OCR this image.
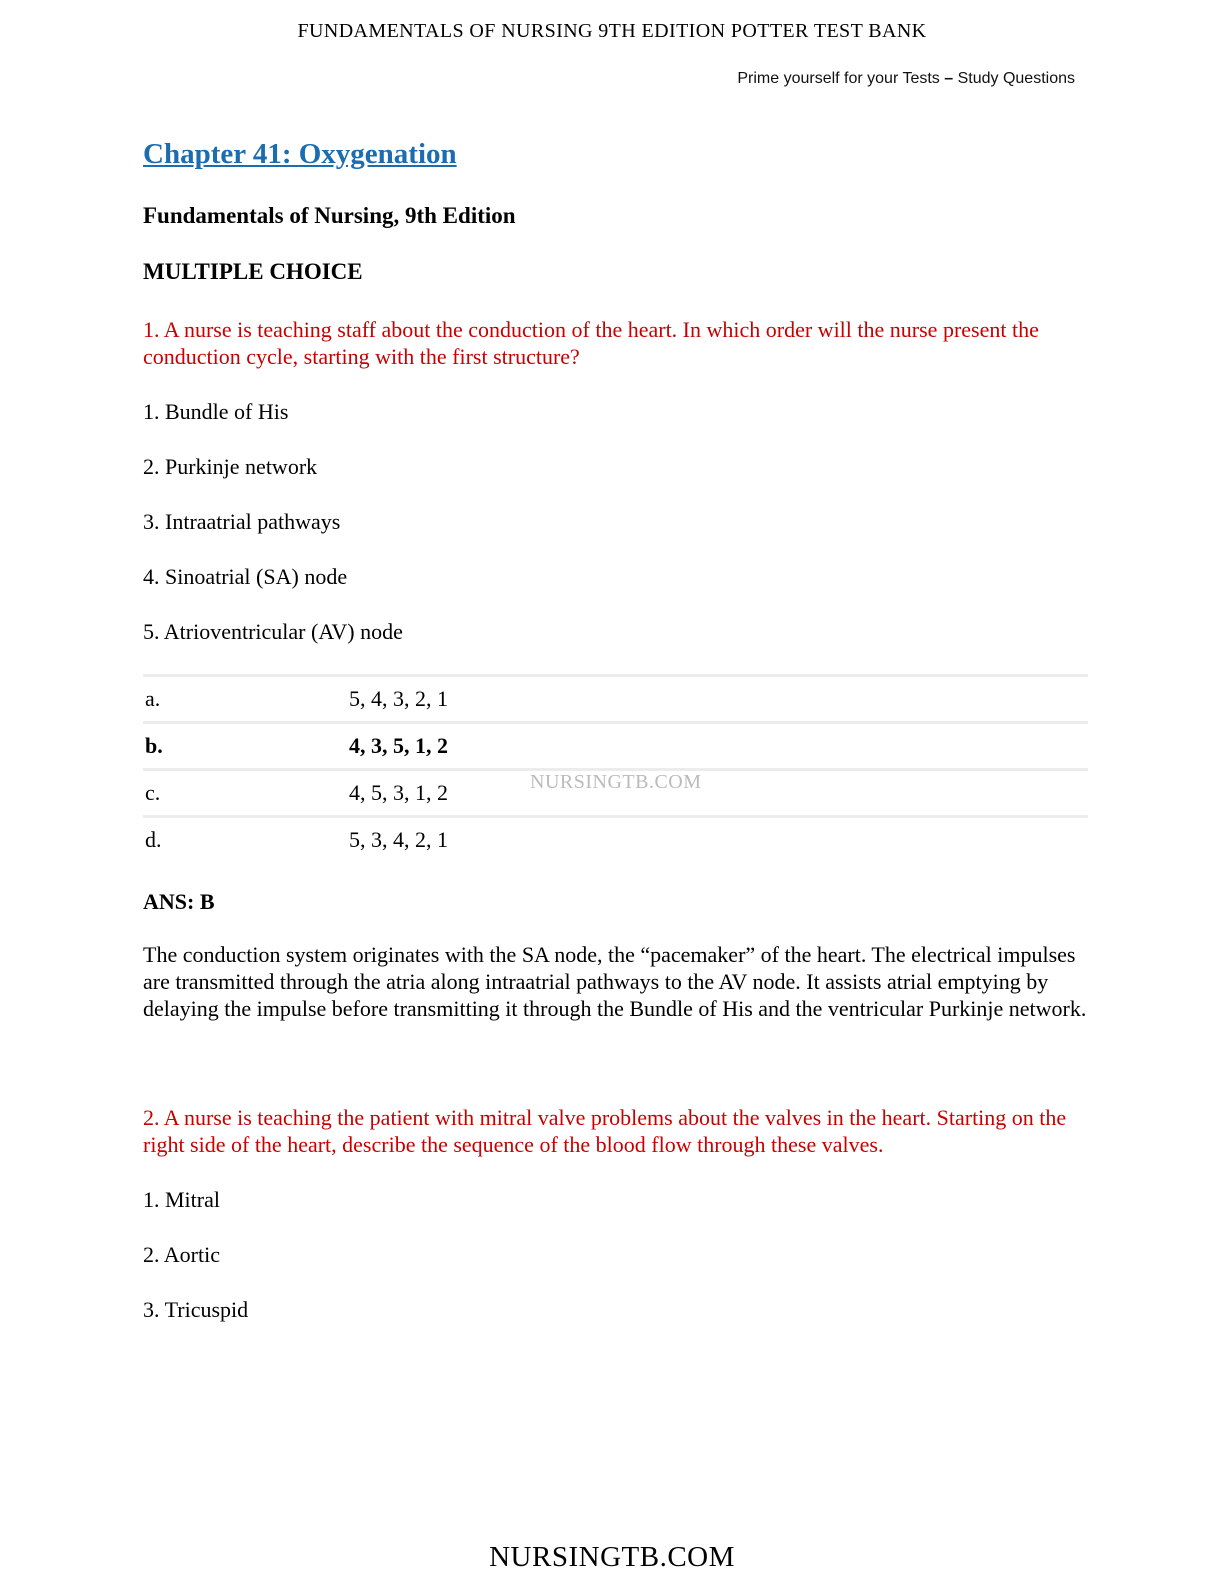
FUNDAMENTALS OF NURSING 9TH EDITION POTTER TEST BANK
Prime yourself for your Tests – Study Questions
Chapter 41: Oxygenation
Fundamentals of Nursing, 9th Edition
MULTIPLE CHOICE
1. A nurse is teaching staff about the conduction of the heart. In which order will the nurse present the conduction cycle, starting with the first structure?
1. Bundle of His
2. Purkinje network
3. Intraatrial pathways
4. Sinoatrial (SA) node
5. Atrioventricular (AV) node
a.	5, 4, 3, 2, 1
b.	4, 3, 5, 1, 2
c.	4, 5, 3, 1, 2
d.	5, 3, 4, 2, 1
ANS: B
The conduction system originates with the SA node, the “pacemaker” of the heart. The electrical impulses are transmitted through the atria along intraatrial pathways to the AV node. It assists atrial emptying by delaying the impulse before transmitting it through the Bundle of His and the ventricular Purkinje network.
2. A nurse is teaching the patient with mitral valve problems about the valves in the heart. Starting on the right side of the heart, describe the sequence of the blood flow through these valves.
1. Mitral
2. Aortic
3. Tricuspid
NURSINGTB.COM
NURSINGTB.COM
